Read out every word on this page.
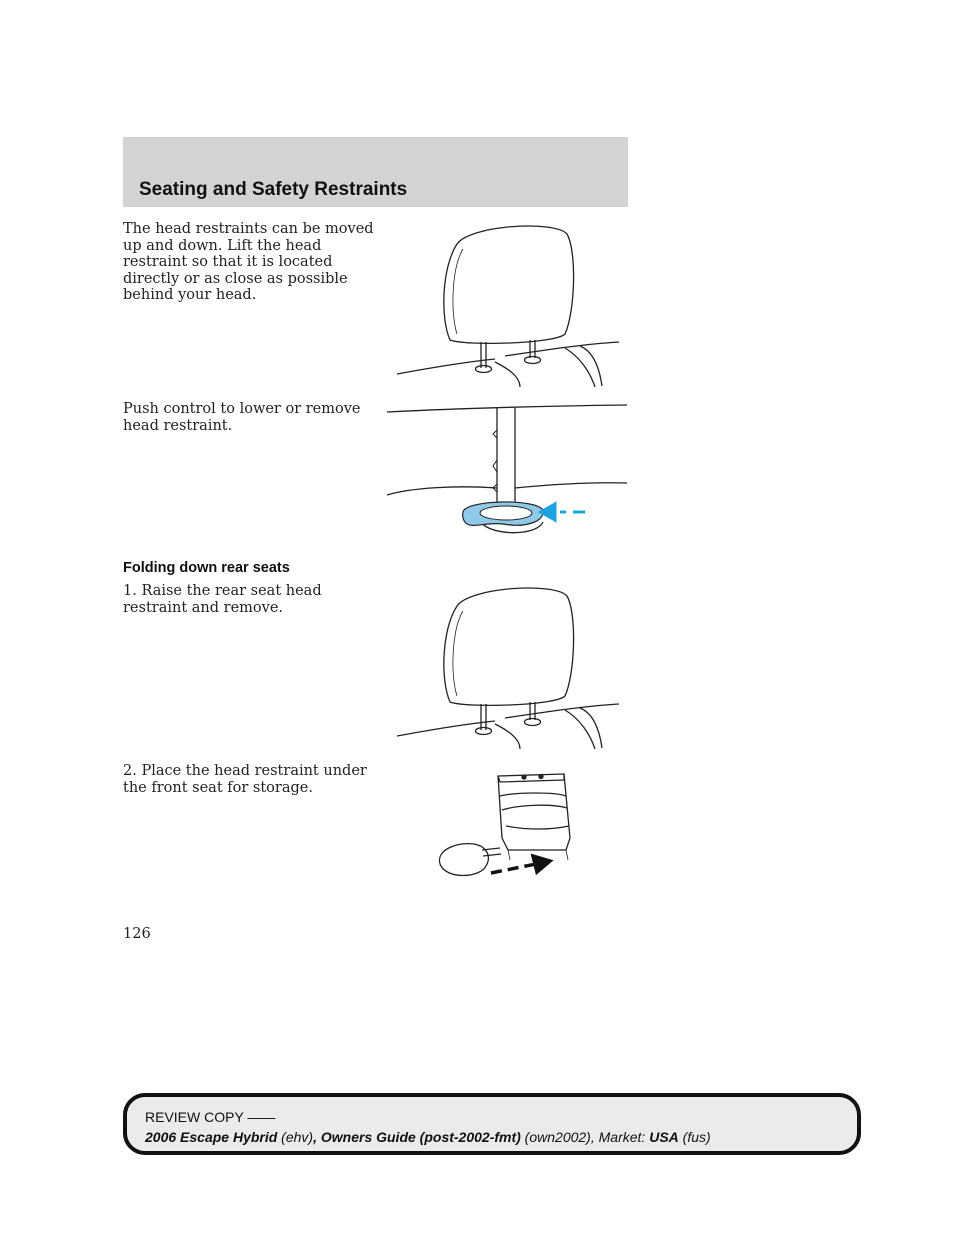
Seating and Safety Restraints
The head restraints can be moved up and down. Lift the head restraint so that it is located directly or as close as possible behind your head.
Push control to lower or remove head restraint.
Folding down rear seats
1. Raise the rear seat head restraint and remove.
2. Place the head restraint under the front seat for storage.
126
REVIEW COPY ——
2006 Escape Hybrid (ehv), Owners Guide (post-2002-fmt) (own2002), Market: USA (fus)
